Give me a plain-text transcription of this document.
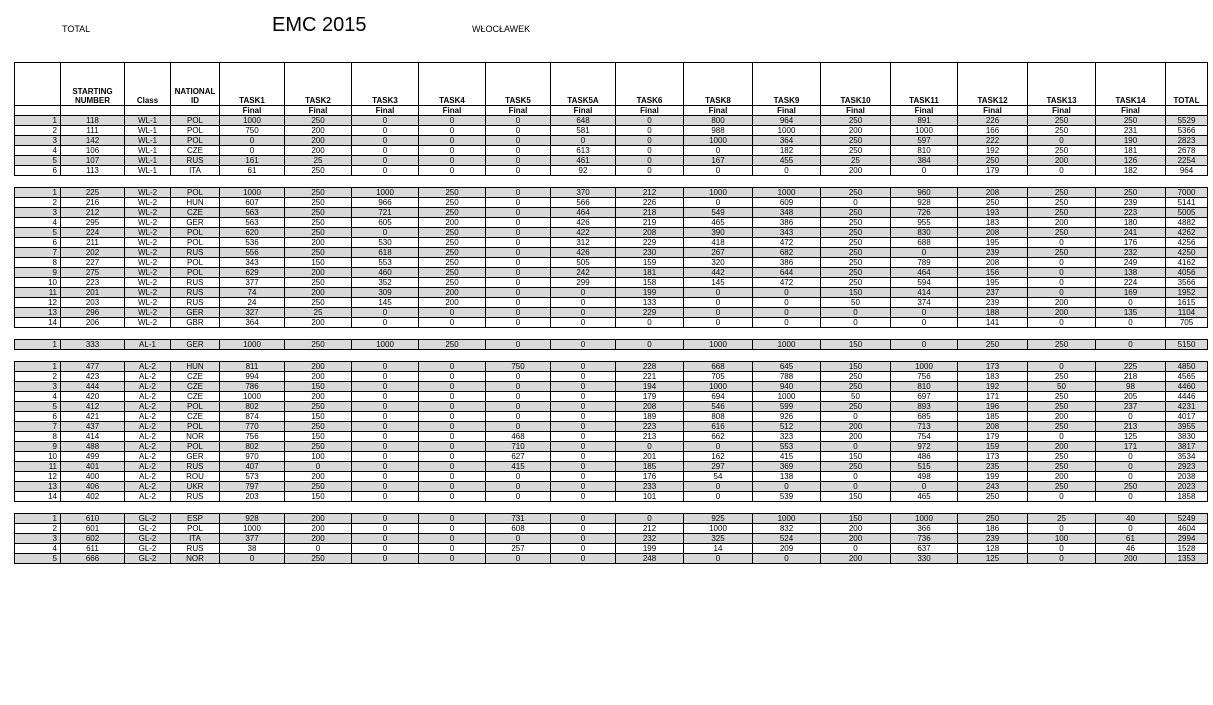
TOTAL	EMC 2015	WŁOCŁAWEK
	STARTING NUMBER	Class	NATIONAL ID	TASK1	TASK2	TASK3	TASK4	TASK5	TASK5A	TASK6	TASK8	TASK9	TASK10	TASK11	TASK12	TASK13	TASK14	TOTAL
				Final	Final	Final	Final	Final	Final	Final	Final	Final	Final	Final	Final	Final	Final	
1	118	WL-1	POL	1000	250	0	0	0	648	0	800	964	250	891	226	250	250	5529
2	111	WL-1	POL	750	200	0	0	0	581	0	988	1000	200	1000	166	250	231	5366
3	142	WL-1	POL	0	200	0	0	0	0	0	1000	364	250	597	222	0	190	2823
4	106	WL-1	CZE	0	200	0	0	0	613	0	0	182	250	810	192	250	181	2678
5	107	WL-1	RUS	161	25	0	0	0	461	0	167	455	25	384	250	200	126	2254
6	113	WL-1	ITA	61	250	0	0	0	92	0	0	0	200	0	179	0	182	964

1	225	WL-2	POL	1000	250	1000	250	0	370	212	1000	1000	250	960	208	250	250	7000
2	216	WL-2	HUN	607	250	966	250	0	566	226	0	609	0	928	250	250	239	5141
3	212	WL-2	CZE	563	250	721	250	0	464	218	549	348	250	726	193	250	223	5005
4	295	WL-2	GER	563	250	605	200	0	426	219	465	386	250	955	183	200	180	4882
5	224	WL-2	POL	620	250	0	250	0	422	208	390	343	250	830	208	250	241	4262
6	211	WL-2	POL	536	200	530	250	0	312	229	418	472	250	688	195	0	176	4256
7	202	WL-2	RUS	556	250	618	250	0	426	230	267	682	250	0	239	250	232	4250
8	227	WL-2	POL	343	150	553	250	0	505	159	320	386	250	789	208	0	249	4162
9	275	WL-2	POL	629	200	460	250	0	242	181	442	644	250	464	156	0	138	4056
10	223	WL-2	RUS	377	250	352	250	0	299	158	145	472	250	594	195	0	224	3566
11	201	WL-2	RUS	74	200	309	200	0	0	199	0	0	150	414	237	0	169	1952
12	203	WL-2	RUS	24	250	145	200	0	0	133	0	0	50	374	239	200	0	1615
13	296	WL-2	GER	327	25	0	0	0	0	229	0	0	0	0	188	200	135	1104
14	206	WL-2	GBR	364	200	0	0	0	0	0	0	0	0	0	141	0	0	705

1	333	AL-1	GER	1000	250	1000	250	0	0	0	1000	1000	150	0	250	250	0	5150

1	477	AL-2	HUN	811	200	0	0	750	0	228	668	645	150	1000	173	0	225	4850
2	423	AL-2	CZE	994	200	0	0	0	0	221	705	788	250	756	183	250	218	4565
3	444	AL-2	CZE	786	150	0	0	0	0	194	1000	940	250	810	192	50	98	4460
4	420	AL-2	CZE	1000	200	0	0	0	0	179	694	1000	50	697	171	250	205	4446
5	412	AL-2	POL	802	250	0	0	0	0	208	546	599	250	893	196	250	237	4231
6	421	AL-2	CZE	874	150	0	0	0	0	189	808	926	0	685	185	200	0	4017
7	437	AL-2	POL	770	250	0	0	0	0	223	616	512	200	713	208	250	213	3955
8	414	AL-2	NOR	756	150	0	0	468	0	213	662	323	200	754	179	0	125	3830
9	488	AL-2	POL	802	250	0	0	710	0	0	0	553	0	972	159	200	171	3817
10	499	AL-2	GER	970	100	0	0	627	0	201	162	415	150	486	173	250	0	3534
11	401	AL-2	RUS	407	0	0	0	415	0	185	297	369	250	515	235	250	0	2923
12	400	AL-2	ROU	573	200	0	0	0	0	176	54	138	0	498	199	200	0	2038
13	406	AL-2	UKR	797	250	0	0	0	0	233	0	0	0	0	243	250	250	2023
14	402	AL-2	RUS	203	150	0	0	0	0	101	0	539	150	465	250	0	0	1858

1	610	GL-2	ESP	928	200	0	0	731	0	0	925	1000	150	1000	250	25	40	5249
2	601	GL-2	POL	1000	200	0	0	608	0	212	1000	832	200	366	186	0	0	4604
3	602	GL-2	ITA	377	200	0	0	0	0	232	325	524	200	736	239	100	61	2994
4	611	GL-2	RUS	38	0	0	0	257	0	199	14	209	0	637	128	0	46	1528
5	666	GL-2	NOR	0	250	0	0	0	0	248	0	0	200	330	125	0	200	1353
